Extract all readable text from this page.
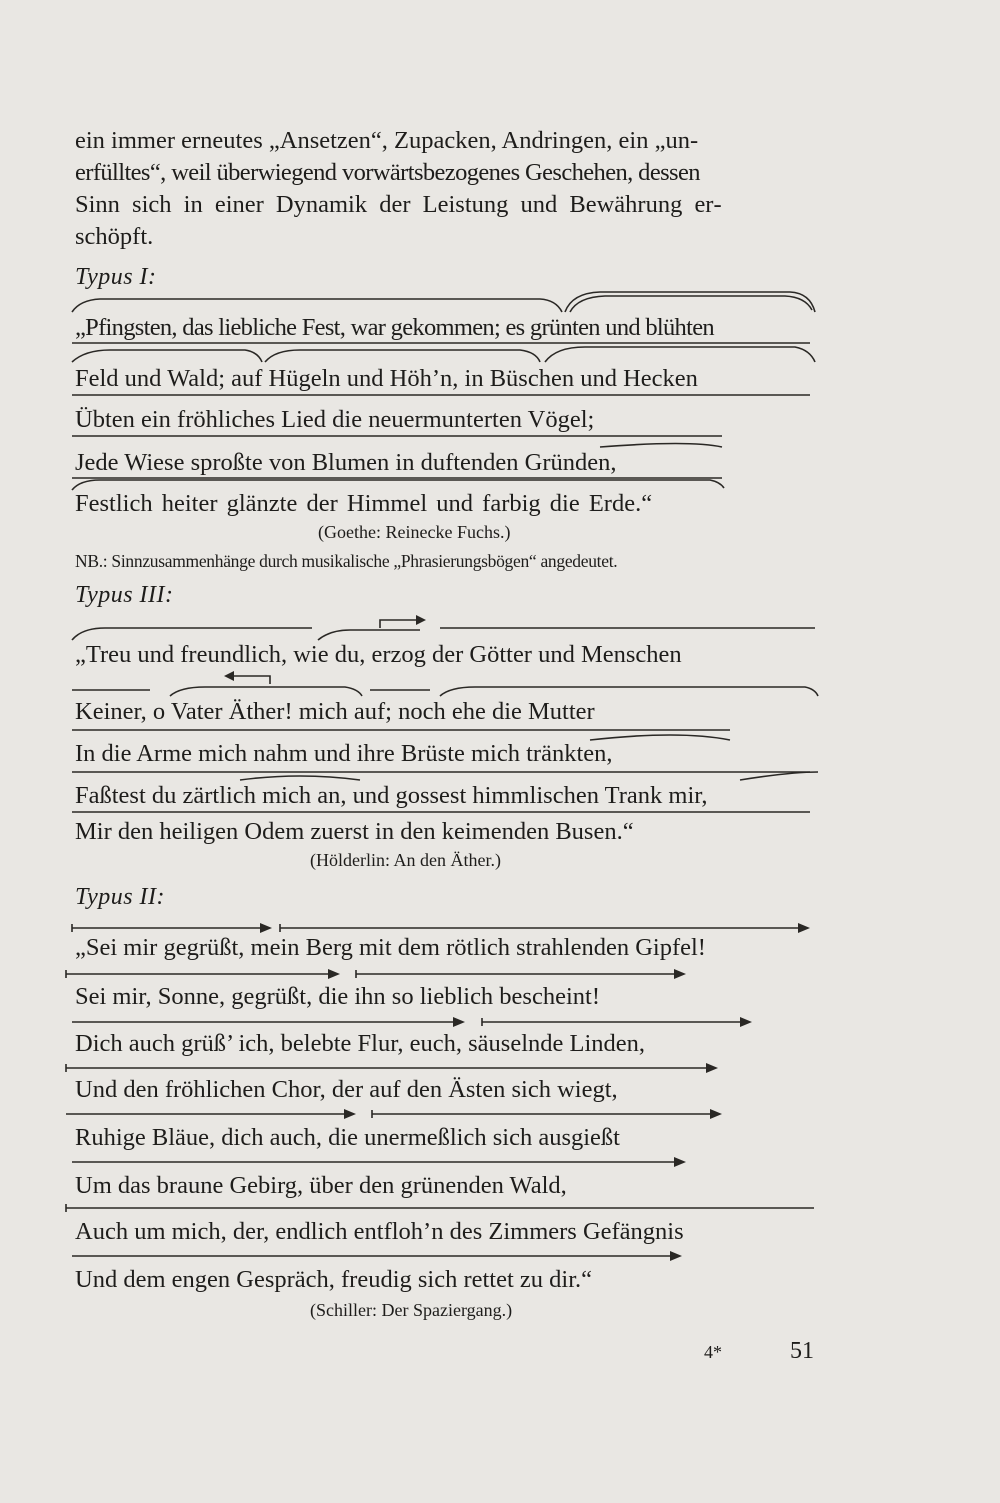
ein immer erneutes „Ansetzen“, Zupacken, Andringen, ein „un‑
erfülltes“, weil überwiegend vorwärtsbezogenes Geschehen, dessen
Sinn sich in einer Dynamik der Leistung und Bewährung er‑
schöpft.
Typus I:
„Pfingsten, das liebliche Fest, war gekommen; es grünten und blühten
Feld und Wald; auf Hügeln und Höh’n, in Büschen und Hecken
Übten ein fröhliches Lied die neuermunterten Vögel;
Jede Wiese sproßte von Blumen in duftenden Gründen,
Festlich heiter glänzte der Himmel und farbig die Erde.“
(Goethe: Reinecke Fuchs.)
NB.: Sinnzusammenhänge durch musikalische „Phrasierungsbögen“ angedeutet.
Typus III:
„Treu und freundlich, wie du, erzog der Götter und Menschen
Keiner, o Vater Äther! mich auf; noch ehe die Mutter
In die Arme mich nahm und ihre Brüste mich tränkten,
Faßtest du zärtlich mich an, und gossest himmlischen Trank mir,
Mir den heiligen Odem zuerst in den keimenden Busen.“
(Hölderlin: An den Äther.)
Typus II:
„Sei mir gegrüßt, mein Berg mit dem rötlich strahlenden Gipfel!
Sei mir, Sonne, gegrüßt, die ihn so lieblich bescheint!
Dich auch grüß’ ich, belebte Flur, euch, säuselnde Linden,
Und den fröhlichen Chor, der auf den Ästen sich wiegt,
Ruhige Bläue, dich auch, die unermeßlich sich ausgießt
Um das braune Gebirg, über den grünenden Wald,
Auch um mich, der, endlich entfloh’n des Zimmers Gefängnis
Und dem engen Gespräch, freudig sich rettet zu dir.“
(Schiller: Der Spaziergang.)
4*	51
